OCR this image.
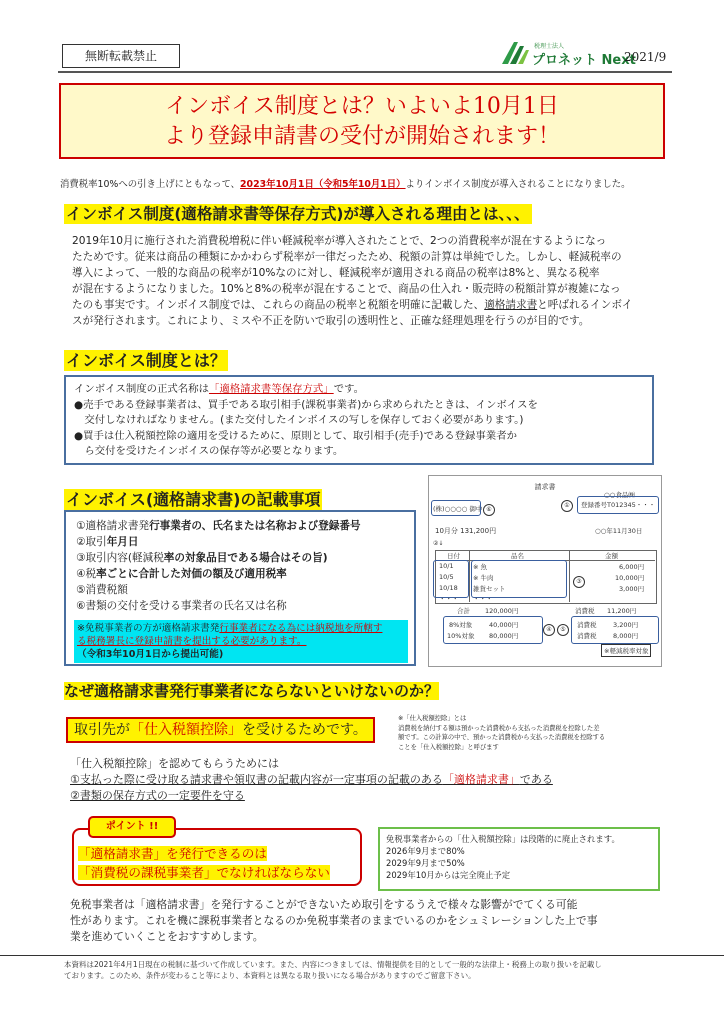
無断転載禁止
税理士法人
プロネット Next
2021/9
インボイス制度とは？いよいよ10月1日
より登録申請書の受付が開始されます！
消費税率10%への引き上げにともなって、2023年10月1日（令和5年10月1日）よりインボイス制度が導入されることになりました。
インボイス制度(適格請求書等保存方式)が導入される理由とは、、、
2019年10月に施行された消費税増税に伴い軽減税率が導入されたことで、2つの消費税率が混在するようになっ
たためです。従来は商品の種類にかかわらず税率が一律だったため、税額の計算は単純でした。しかし、軽減税率の
導入によって、一般的な商品の税率が10%なのに対し、軽減税率が適用される商品の税率は8%と、異なる税率
が混在するようになりました。10%と8%の税率が混在することで、商品の仕入れ・販売時の税額計算が複雑になっ
たのも事実です。インボイス制度では、これらの商品の税率と税額を明確に記載した、適格請求書と呼ばれるインボイ
スが発行されます。これにより、ミスや不正を防いで取引の透明性と、正確な経理処理を行うのが目的です。
インボイス制度とは？
インボイス制度の正式名称は「適格請求書等保存方式」です。
●売手である登録事業者は、買手である取引相手(課税事業者)から求められたときは、インボイスを
　交付しなければなりません。(また交付したインボイスの写しを保存しておく必要があります。)
●買手は仕入税額控除の適用を受けるために、原則として、取引相手(売手)である登録事業者か
　ら交付を受けたインボイスの保存等が必要となります。
インボイス(適格請求書)の記載事項
①適格請求書発行事業者の、氏名または名称および登録番号
②取引年月日
③取引内容(軽減税率の対象品目である場合はその旨)
④税率ごとに合計した対価の額及び適用税率
⑤消費税額
⑥書類の交付を受ける事業者の氏名又は名称
※免税事業者の方が適格請求書発行事業者になる為には納税地を所轄す
る税務署長に登録申請書を提出する必要があります。
（令和3年10月1日から提出可能)
請求書
(株)○○○○ 御中 ⑥
○○食品㈱
登録番号T012345・・・
①
10月分 131,200円	○○年11月30日
②↓
日付	品名	金額
10/1	※ 魚	6,000円
10/5	※ 牛肉	10,000円
10/18 雑貨セット	3,000円
・・・ ・・・
③
合計 120,000円	消費税 11,200円
8%対象	40,000円	消費税	3,200円
10%対象 80,000円	消費税	8,000円
④	⑤
※軽減税率対象
なぜ適格請求書発行事業者にならないといけないのか？
取引先が「仕入税額控除」を受けるためです。
※「仕入税額控除」とは
消費税を納付する額は預かった消費税から支払った消費税を控除した差
額です。この計算の中で、預かった消費税から支払った消費税を控除する
ことを「仕入税額控除」と呼びます
「仕入税額控除」を認めてもらうためには
①支払った際に受け取る請求書や領収書の記載内容が一定事項の記載のある「適格請求書」である
②書類の保存方式の一定要件を守る
「適格請求書」を発行できるのは
「消費税の課税事業者」でなければならない
ポイント !!
免税事業者からの「仕入税額控除」は段階的に廃止されます。
2026年9月まで80%
2029年9月まで50%
2029年10月からは完全廃止予定
免税事業者は「適格請求書」を発行することができないため取引をするうえで様々な影響がでてくる可能
性があります。これを機に課税事業者となるのか免税事業者のままでいるのかをシュミレーションした上で事
業を進めていくことをおすすめします。
本資料は2021年4月1日現在の税制に基づいて作成しています。また、内容につきましては、情報提供を目的として一般的な法律上・税務上の取り扱いを記載し
ております。このため、条件が変わること等により、本資料とは異なる取り扱いになる場合がありますのでご留意下さい。
